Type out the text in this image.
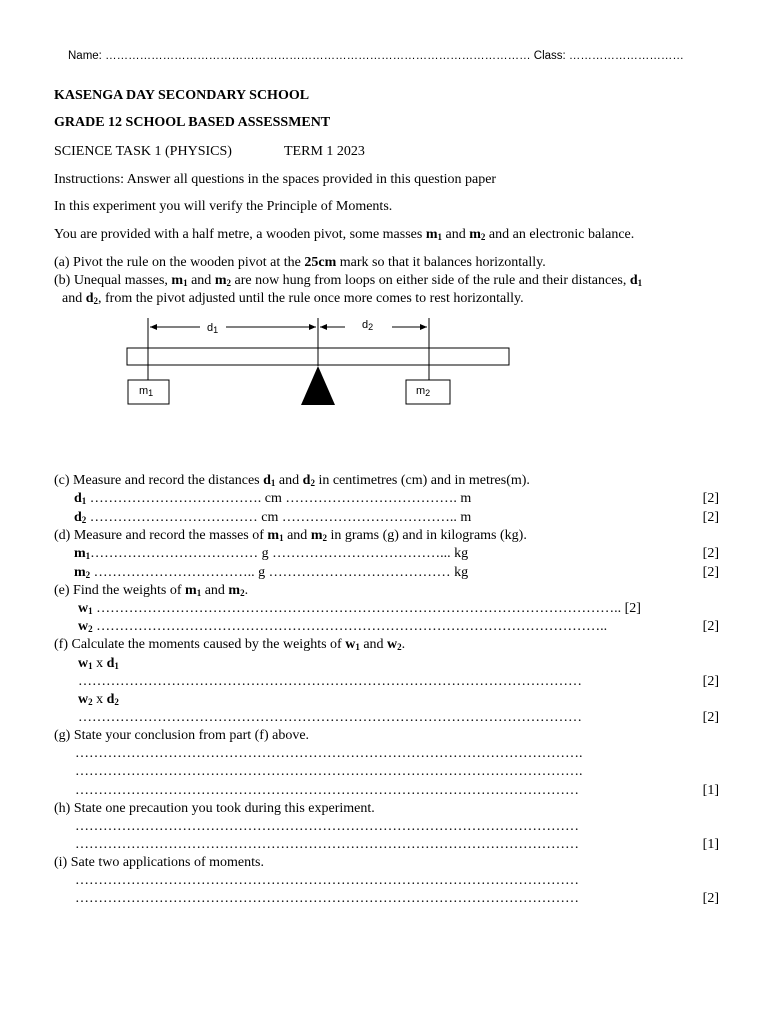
Name: ………………………………………………………………………………………………… Class: …………………………
KASENGA DAY SECONDARY SCHOOL
GRADE 12 SCHOOL BASED ASSESSMENT
SCIENCE TASK 1 (PHYSICS)	TERM 1 2023
Instructions: Answer all questions in the spaces provided in this question paper
In this experiment you will verify the Principle of Moments.
You are provided with a half metre, a wooden pivot, some masses $m_1$ and $m_2$ and an electronic balance.
(a) Pivot the rule on the wooden pivot at the 25cm mark so that it balances horizontally.
(b) Unequal masses, $m_1$ and $m_2$ are now hung from loops on either side of the rule and their distances, $d_1$
and $d_2$, from the pivot adjusted until the rule once more comes to rest horizontally.
$d_1$	$d_2$
$m_1$	$m_2$
(c) Measure and record the distances $d_1$ and $d_2$ in centimetres (cm) and in metres(m).
$d_1$ ………………………………. cm ………………………………. m	[2]
$d_2$ ……………………………… cm ……………………………….. m	[2]
(d) Measure and record the masses of $m_1$ and $m_2$ in grams (g) and in kilograms (kg).
$m_1\dots\dots\dots\dots\dots\dots\dots\dots\dots\dots\dots\dots$ g ………………………………... kg	[2]
$m_2$ …………………………….. g ………………………………… kg	[2]
(e) Find the weights of $m_1$ and $m_2$.
$w_1$ ………………………………………………………………………………………………….. [2]
$w_2$ ………………………………………………………………………………………………..	[2]
(f) Calculate the moments caused by the weights of $w_1$ and $w_2$.
$w_1$ x $d_1$
………………………………………………………………………………………………	[2]
$w_2$ x $d_2$
………………………………………………………………………………………………	[2]
(g) State your conclusion from part (f) above.
……………………………………………………………………………………………….
……………………………………………………………………………………………….
………………………………………………………………………………………………	[1]
(h) State one precaution you took during this experiment.
………………………………………………………………………………………………
………………………………………………………………………………………………	[1]
(i) Sate two applications of moments.
………………………………………………………………………………………………
………………………………………………………………………………………………	[2]
